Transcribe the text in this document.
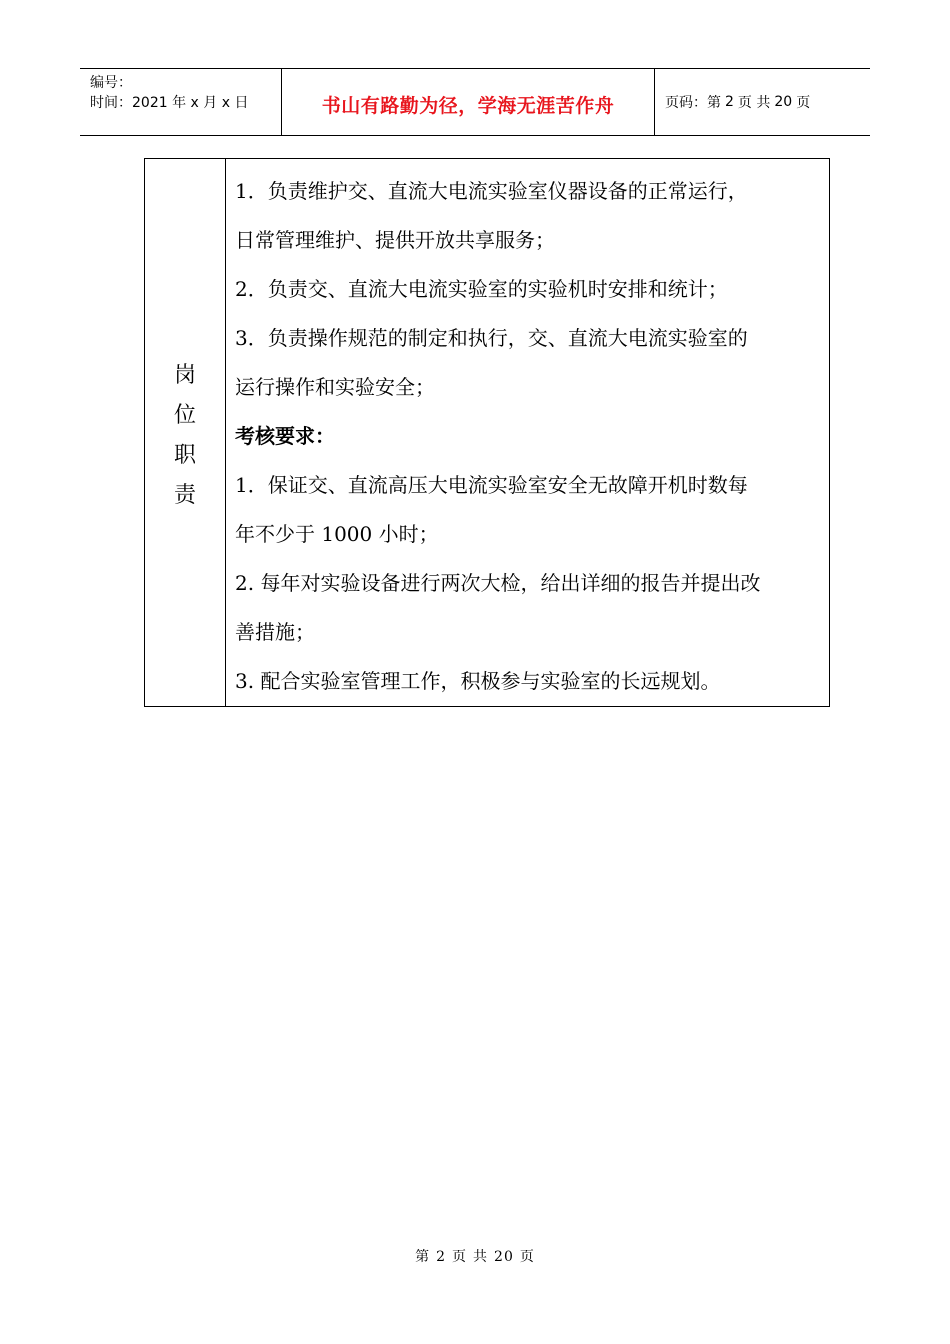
编号：
时间：2021 年 x 月 x 日	书山有路勤为径，学海无涯苦作舟	页码：第 2 页 共 20 页
岗
位
职
责

1．负责维护交、直流大电流实验室仪器设备的正常运行，

日常管理维护、提供开放共享服务；

2．负责交、直流大电流实验室的实验机时安排和统计；

3．负责操作规范的制定和执行，交、直流大电流实验室的

运行操作和实验安全；

考核要求：

1．保证交、直流高压大电流实验室安全无故障开机时数每

年不少于 1000 小时；

2. 每年对实验设备进行两次大检，给出详细的报告并提出改

善措施；

3. 配合实验室管理工作，积极参与实验室的长远规划。

第 2 页 共 20 页
